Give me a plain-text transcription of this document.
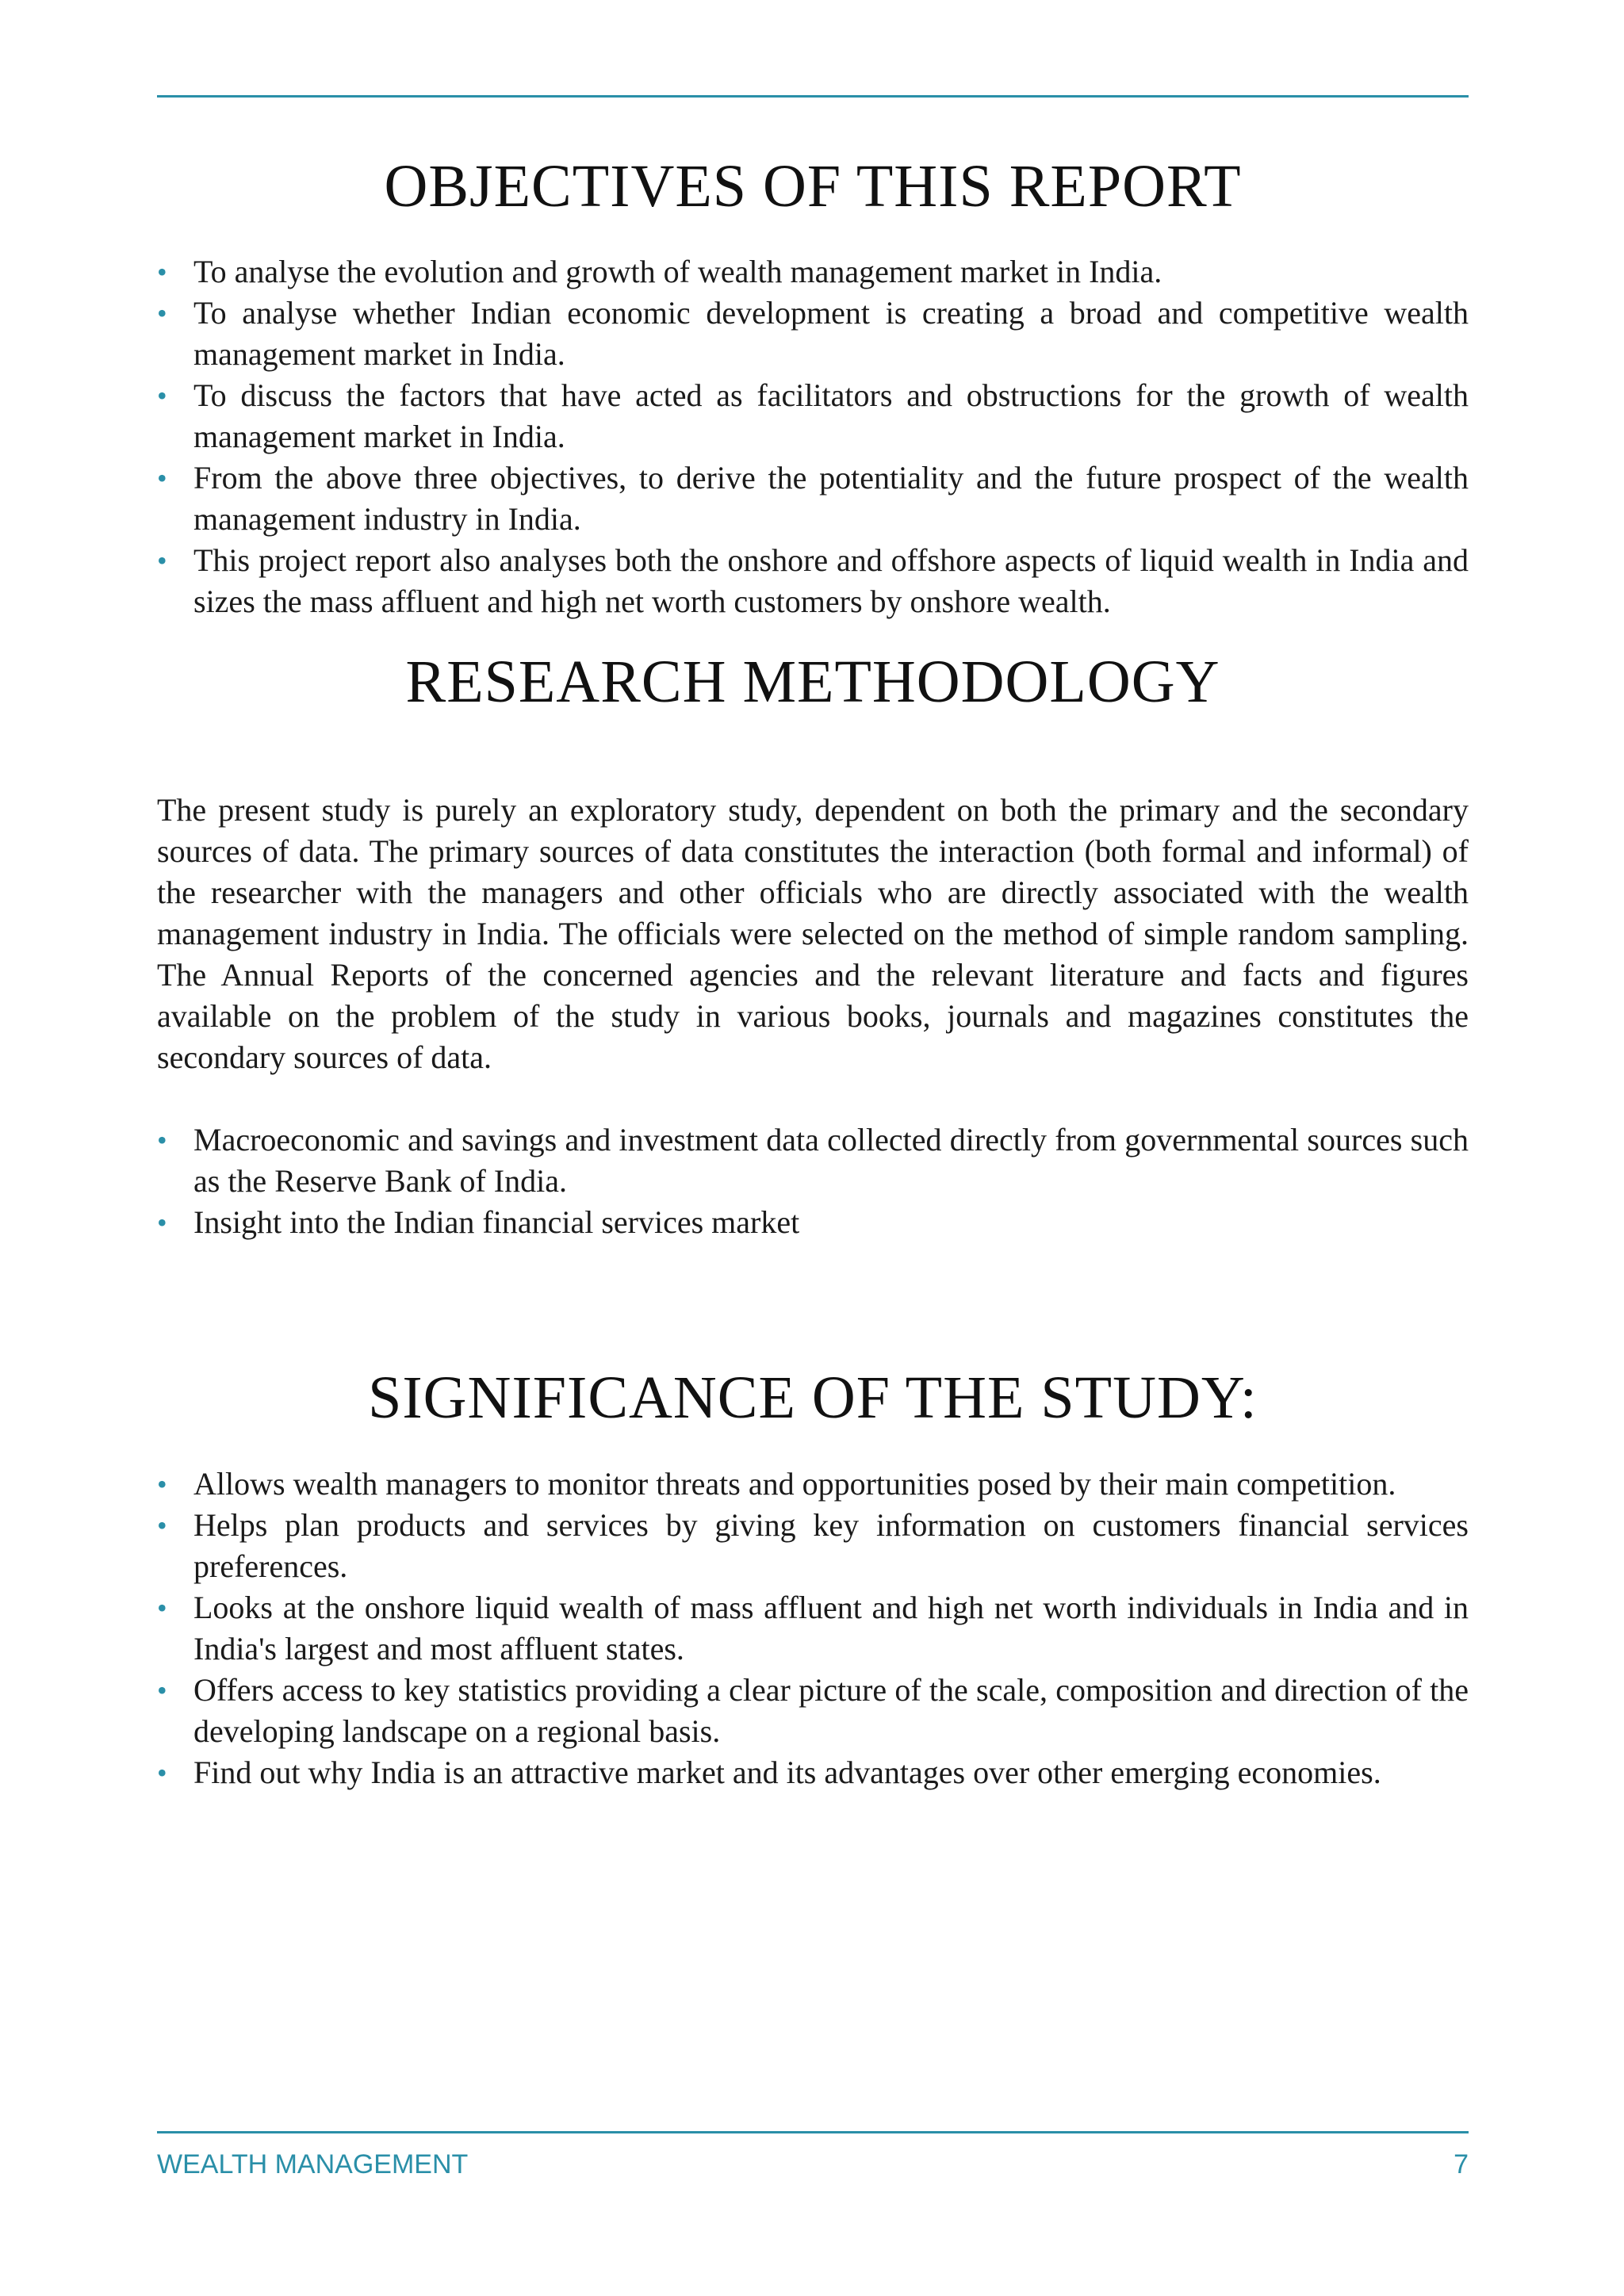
OBJECTIVES OF THIS REPORT
• To analyse the evolution and growth of wealth management market in India.
• To analyse whether Indian economic development is creating a broad and competitive wealth management market in India.
• To discuss the factors that have acted as facilitators and obstructions for the growth of wealth management market in India.
• From the above three objectives, to derive the potentiality and the future prospect of the wealth management industry in India.
• This project report also analyses both the onshore and offshore aspects of liquid wealth in India and sizes the mass affluent and high net worth customers by onshore wealth.
RESEARCH METHODOLOGY

The present study is purely an exploratory study, dependent on both the primary and the secondary sources of data. The primary sources of data constitutes the interaction (both formal and informal) of the researcher with the managers and other officials who are directly associated with the wealth management industry in India. The officials were selected on the method of simple random sampling. The Annual Reports of the concerned agencies and the relevant literature and facts and figures available on the problem of the study in various books, journals and magazines constitutes the secondary sources of data.

• Macroeconomic and savings and investment data collected directly from governmental sources such as the Reserve Bank of India.
• Insight into the Indian financial services market
SIGNIFICANCE OF THE STUDY:
• Allows wealth managers to monitor threats and opportunities posed by their main competition.
• Helps plan products and services by giving key information on customers financial services preferences.
• Looks at the onshore liquid wealth of mass affluent and high net worth individuals in India and in India's largest and most affluent states.
• Offers access to key statistics providing a clear picture of the scale, composition and direction of the developing landscape on a regional basis.
• Find out why India is an attractive market and its advantages over other emerging economies.
WEALTH MANAGEMENT	7
